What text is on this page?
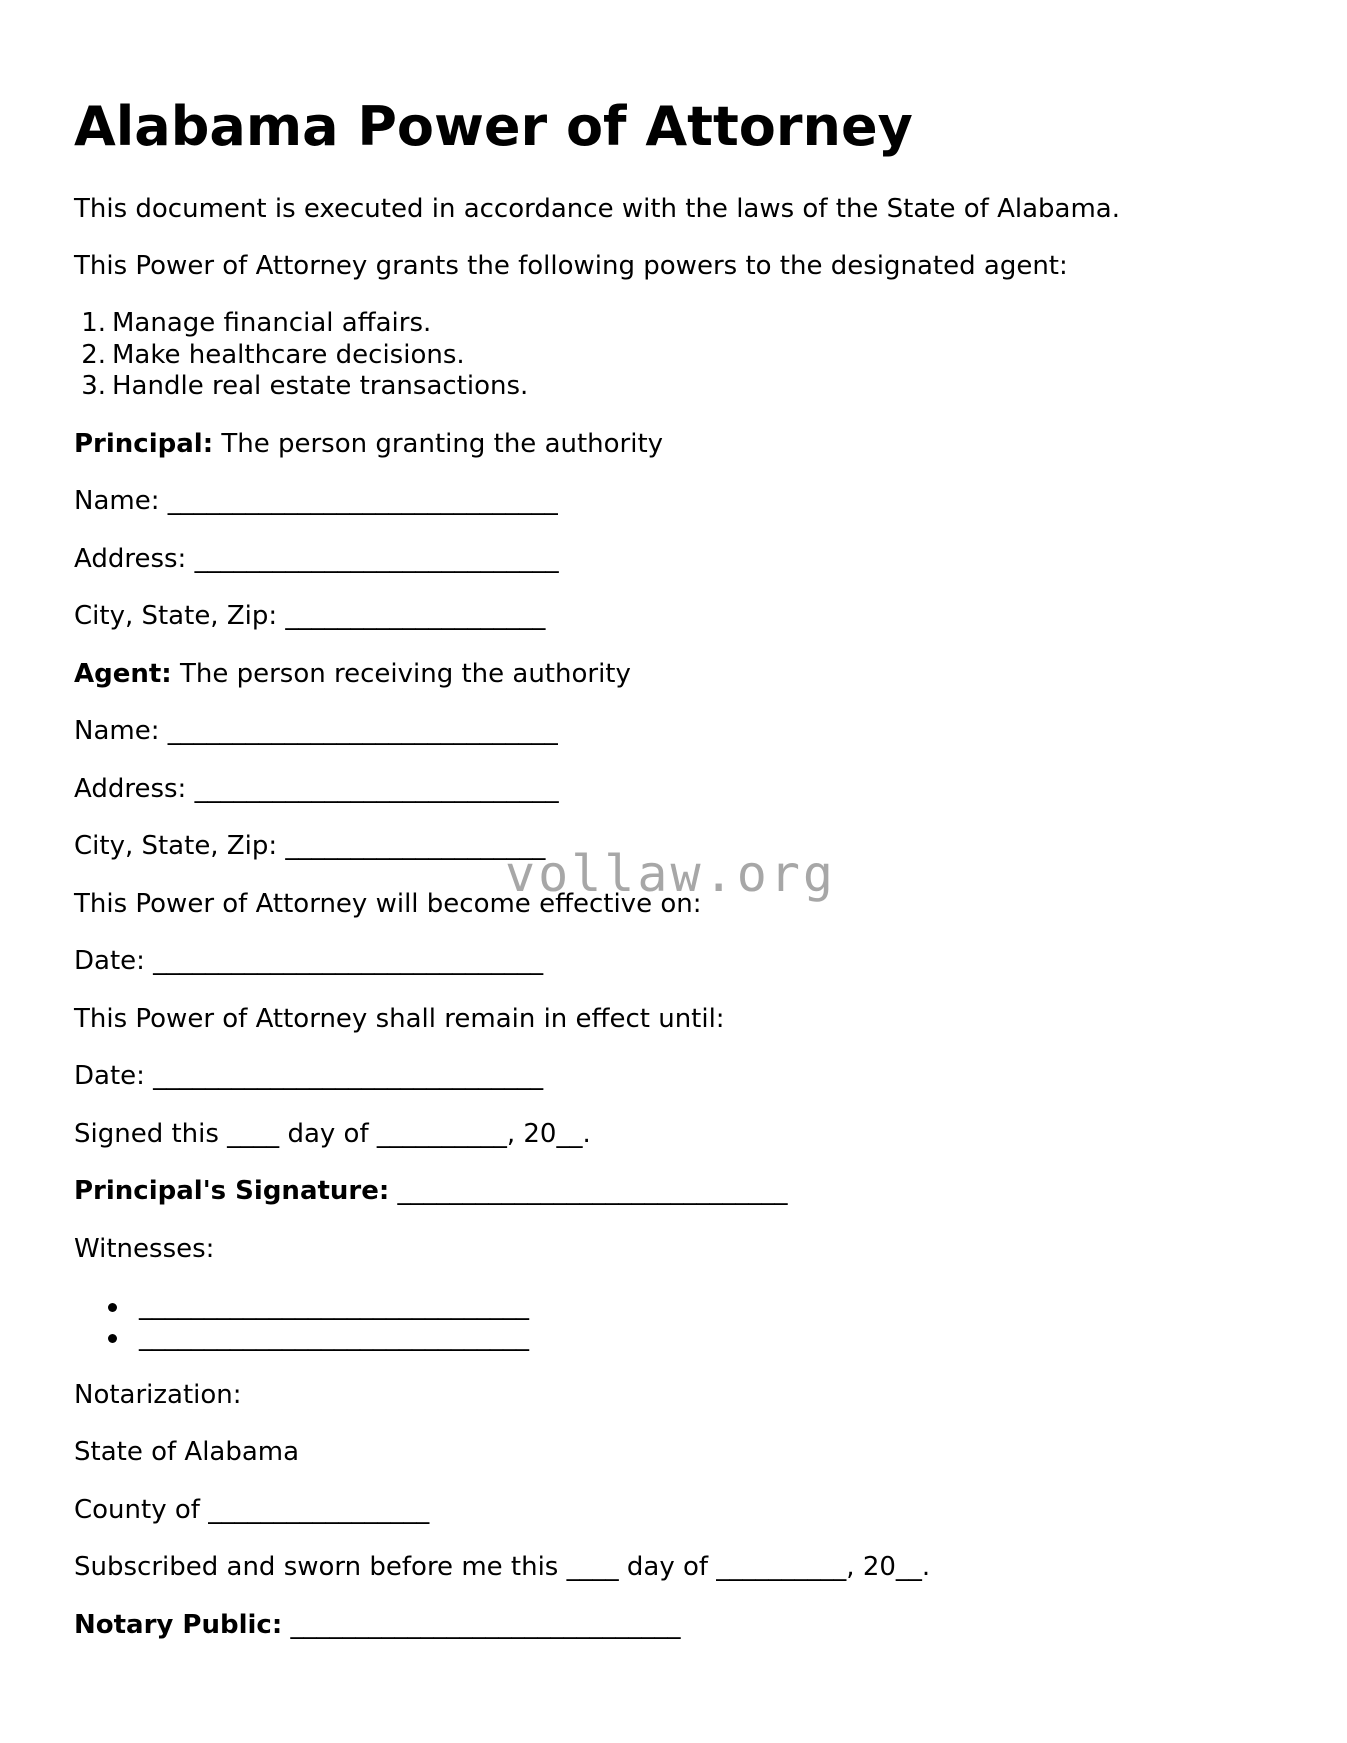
Alabama Power of Attorney

This document is executed in accordance with the laws of the State of Alabama.

This Power of Attorney grants the following powers to the designated agent:

1. Manage financial affairs.

2. Make healthcare decisions.

3. Handle real estate transactions.

Principal: The person granting the authority

Name: ______________________________

Address: ____________________________

City, State, Zip: ____________________

Agent: The person receiving the authority

Name: ______________________________

Address: ____________________________

City, State, Zip: ____________________

This Power of Attorney will become effective on:

Date: ______________________________

This Power of Attorney shall remain in effect until:

Date: ______________________________

Signed this ____ day of __________, 20__.

Principal's Signature: ______________________________

Witnesses:

______________________________

______________________________

Notarization:

State of Alabama

County of _________________

Subscribed and sworn before me this ____ day of __________, 20__.

Notary Public: ______________________________

vollaw.org
